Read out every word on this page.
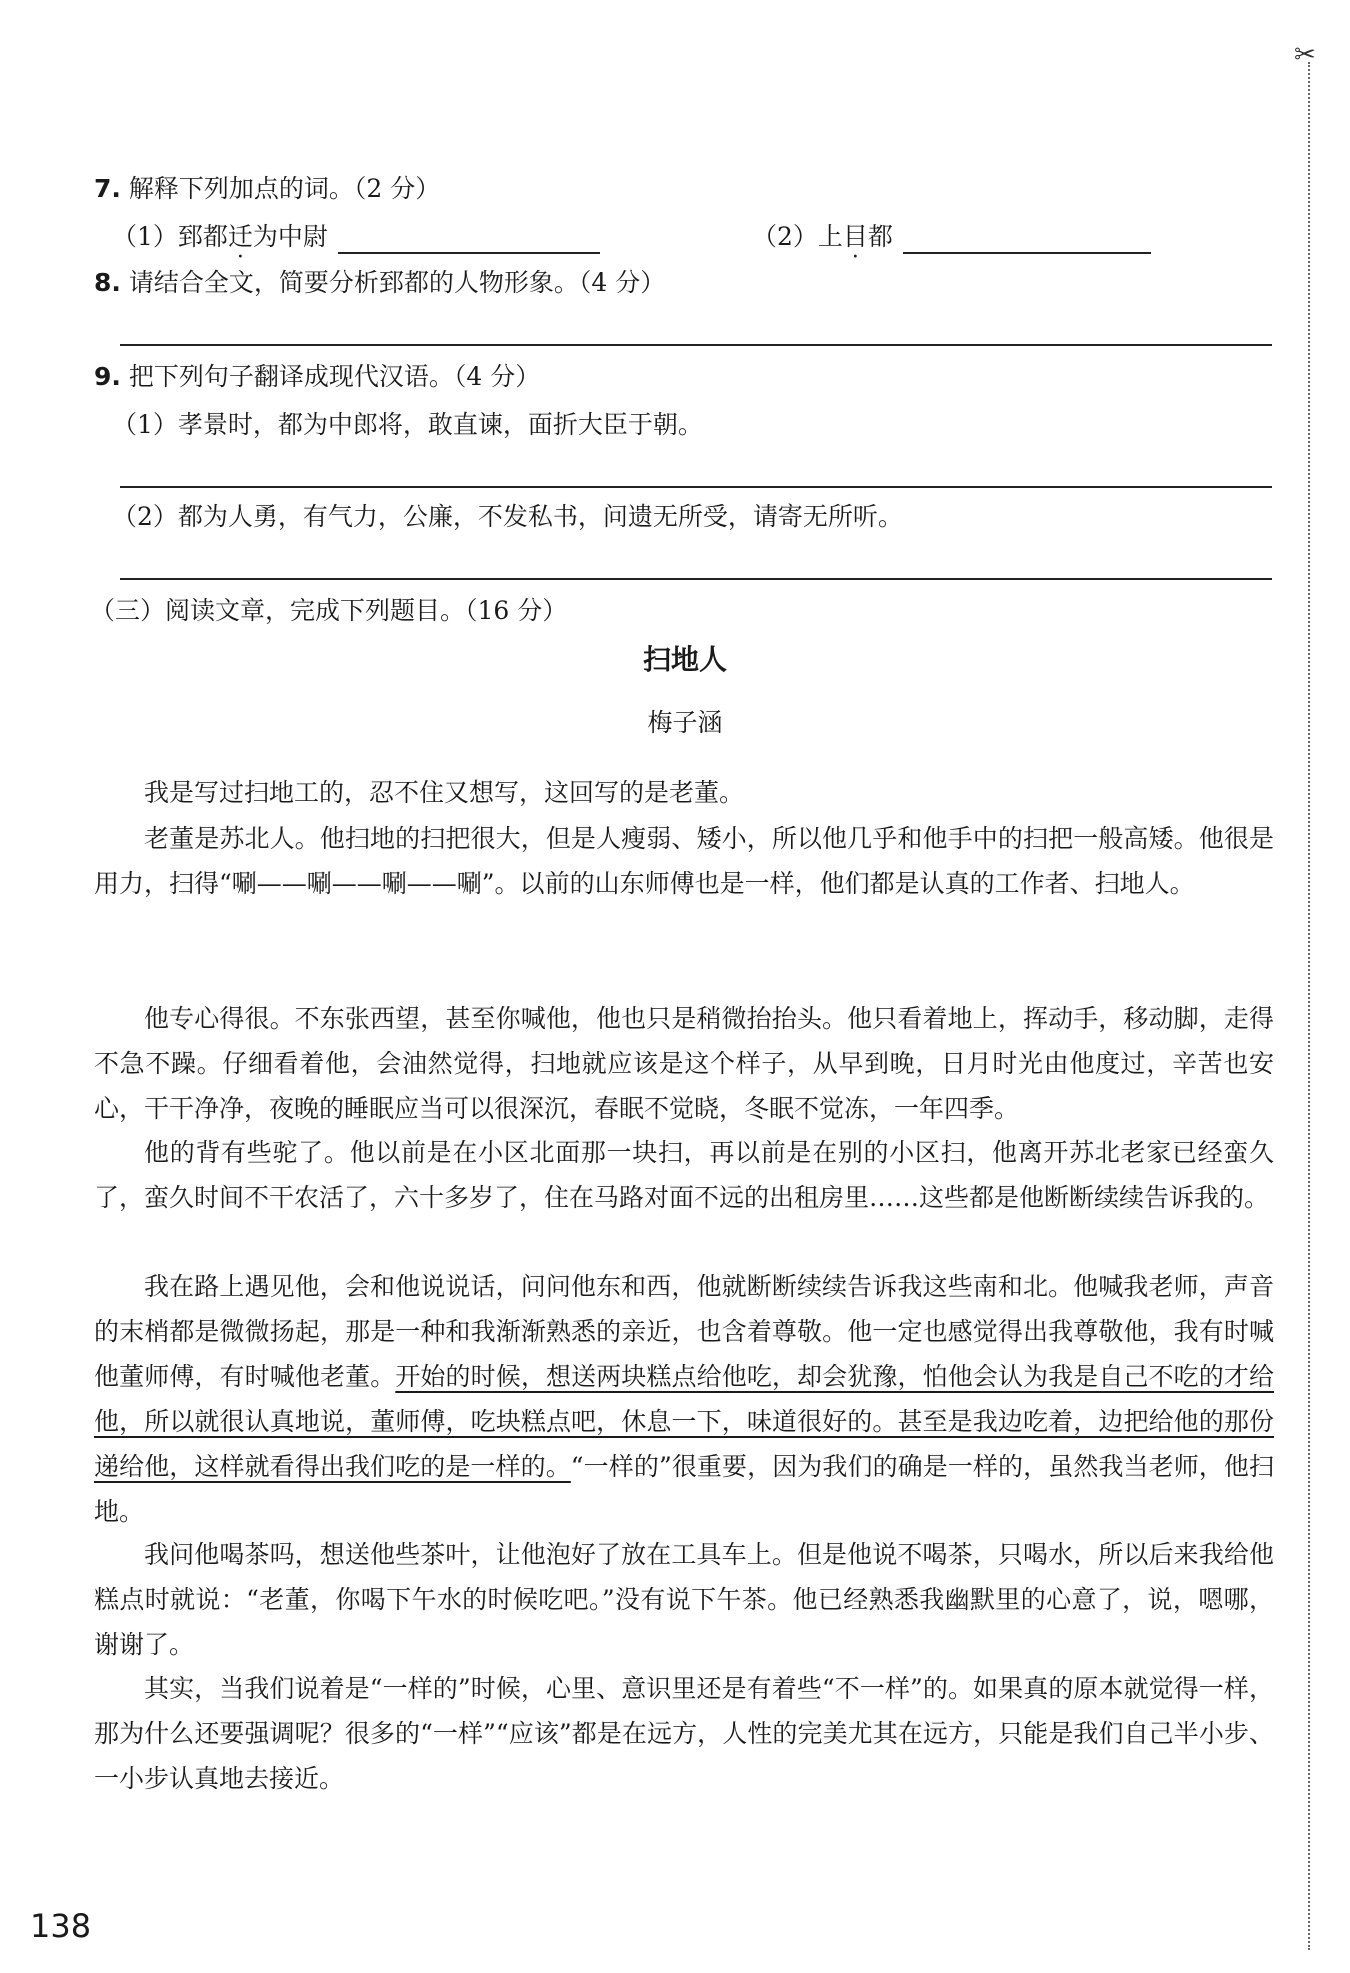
✂
7. 解释下列加点的词。（2 分）
（1）郅都迁为中尉	（2）上目都
8. 请结合全文，简要分析郅都的人物形象。（4 分）
9. 把下列句子翻译成现代汉语。（4 分）
（1）孝景时，都为中郎将，敢直谏，面折大臣于朝。
（2）都为人勇，有气力，公廉，不发私书，问遗无所受，请寄无所听。
（三）阅读文章，完成下列题目。（16 分）
扫地人
梅子涵
我是写过扫地工的，忍不住又想写，这回写的是老董。
老董是苏北人。他扫地的扫把很大，但是人瘦弱、矮小，所以他几乎和他手中的扫把一般高矮。他很是用力，扫得“唰——唰——唰——唰”。以前的山东师傅也是一样，他们都是认真的工作者、扫地人。
他专心得很。不东张西望，甚至你喊他，他也只是稍微抬抬头。他只看着地上，挥动手，移动脚，走得不急不躁。仔细看着他，会油然觉得，扫地就应该是这个样子，从早到晚，日月时光由他度过，辛苦也安心，干干净净，夜晚的睡眠应当可以很深沉，春眠不觉晓，冬眠不觉冻，一年四季。
他的背有些驼了。他以前是在小区北面那一块扫，再以前是在别的小区扫，他离开苏北老家已经蛮久了，蛮久时间不干农活了，六十多岁了，住在马路对面不远的出租房里……这些都是他断断续续告诉我的。
我在路上遇见他，会和他说说话，问问他东和西，他就断断续续告诉我这些南和北。他喊我老师，声音的末梢都是微微扬起，那是一种和我渐渐熟悉的亲近，也含着尊敬。他一定也感觉得出我尊敬他，我有时喊他董师傅，有时喊他老董。开始的时候，想送两块糕点给他吃，却会犹豫，怕他会认为我是自己不吃的才给他，所以就很认真地说，董师傅，吃块糕点吧，休息一下，味道很好的。甚至是我边吃着，边把给他的那份递给他，这样就看得出我们吃的是一样的。“一样的”很重要，因为我们的确是一样的，虽然我当老师，他扫地。
我问他喝茶吗，想送他些茶叶，让他泡好了放在工具车上。但是他说不喝茶，只喝水，所以后来我给他糕点时就说：“老董，你喝下午水的时候吃吧。”没有说下午茶。他已经熟悉我幽默里的心意了，说，嗯哪，谢谢了。
其实，当我们说着是“一样的”时候，心里、意识里还是有着些“不一样”的。如果真的原本就觉得一样，那为什么还要强调呢？很多的“一样”“应该”都是在远方，人性的完美尤其在远方，只能是我们自己半小步、一小步认真地去接近。
138
